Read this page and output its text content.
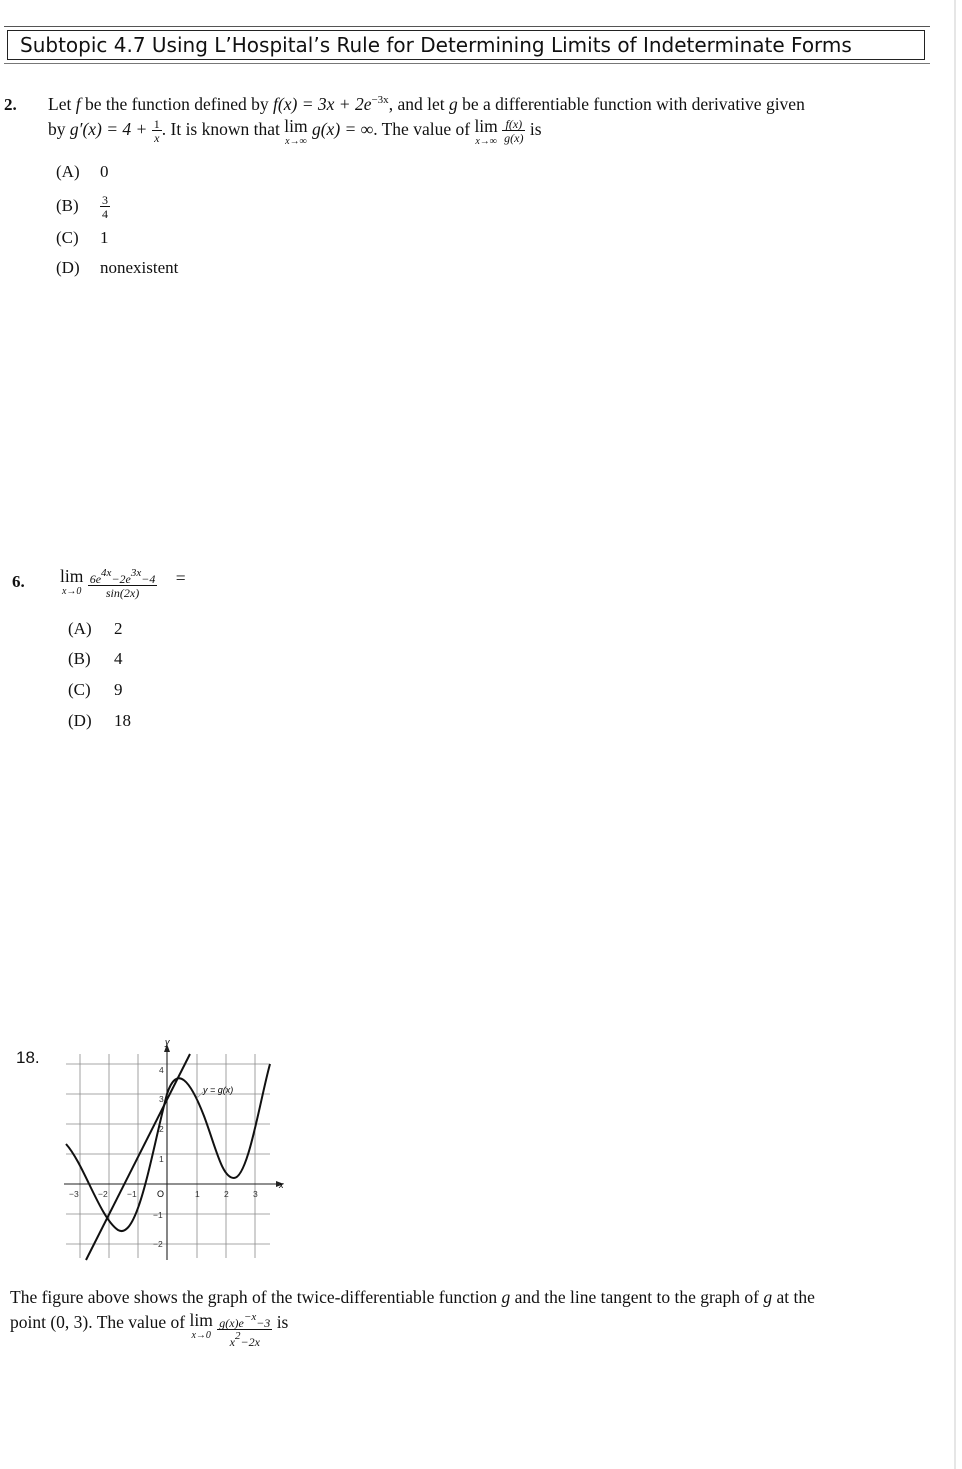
Subtopic 4.7 Using L’Hospital’s Rule for Determining Limits of Indeterminate Forms
2. Let f be the function defined by $f(x) = 3x + 2e^{-3x}$, and let g be a differentiable function with derivative given
by $g'(x) = 4 + \frac{1}{x}$ . It is known that lim
x→∞
g(x) = ∞. The value of lim
x→∞
$\frac{f(x)}{g(x)}$ is
(A) 0
$(B) \frac{3}{4}$
(C) 1
(D) nonexistent
6. lim
x→0
$\frac{6e^{4x}-2e^{3x}-4}{\sin(2x)}$ =
(A) 2
(B) 4
(C) 9
(D) 18
18.
y
x
−3 −2 −1	1	2	3
4
3
2
1
−1
−2
O
y = g(x)
The figure above shows the graph of the twice-differentiable function g and the line tangent to the graph of g at the
point (0, 3). The value of lim
x→0
$\frac{g(x)e^{-x}-3}{x^2-2x}$ is
